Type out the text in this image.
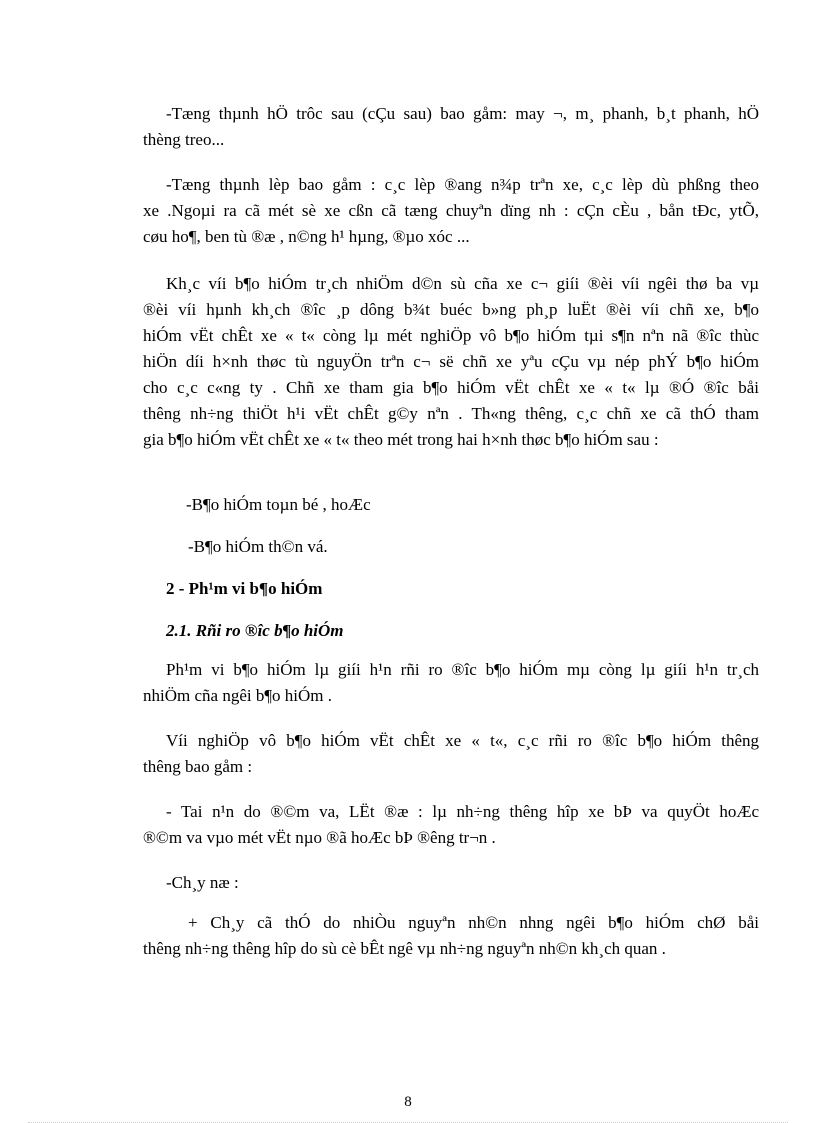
-Tæng thµnh hÖ trôc sau (cÇu sau) bao gåm: may ¬, m¸ phanh, b¸t phanh, hÖ
thèng treo...

-Tæng thµnh lèp bao gåm : c¸c lèp ®ang n¾p trªn xe, c¸c lèp dù phßng theo
xe .Ngoµi ra cã mét sè xe cßn cã tæng chuyªn dïng nh : cÇn cÈu , bån tÐc, ytÕ,
cøu ho¶, ben tù ®æ , n©ng h¹ hµng, ®µo xóc ...

Kh¸c víi b¶o hiÓm tr¸ch nhiÖm d©n sù cña xe c¬ giíi ®èi víi ngêi thø ba vµ
®èi víi hµnh kh¸ch ®îc ¸p dông b¾t buéc b»ng ph¸p luËt ®èi víi chñ xe, b¶o
hiÓm vËt chÊt xe « t« còng lµ mét nghiÖp vô b¶o hiÓm tµi s¶n nªn nã ®îc thùc
hiÖn díi h×nh thøc tù nguyÖn trªn c¬ së chñ xe yªu cÇu vµ nép phÝ b¶o hiÓm
cho c¸c c«ng ty . Chñ xe tham gia b¶o hiÓm vËt chÊt xe « t« lµ ®Ó ®îc båi
thêng nh÷ng thiÖt h¹i vËt chÊt g©y nªn . Th«ng thêng, c¸c chñ xe cã thÓ tham
gia b¶o hiÓm vËt chÊt xe « t« theo mét trong hai h×nh thøc b¶o hiÓm sau :

-B¶o hiÓm toµn bé , hoÆc

-B¶o hiÓm th©n vá.

2 - Ph¹m vi b¶o hiÓm

2.1. Rñi ro ®îc b¶o hiÓm

Ph¹m vi b¶o hiÓm lµ giíi h¹n rñi ro ®îc b¶o hiÓm mµ còng lµ giíi h¹n tr¸ch
nhiÖm cña ngêi b¶o hiÓm .

Víi nghiÖp vô b¶o hiÓm vËt chÊt xe « t«, c¸c rñi ro ®îc b¶o hiÓm thêng
thêng bao gåm :

- Tai n¹n do ®©m va, LËt ®æ : lµ nh÷ng thêng hîp xe bÞ va quyÖt hoÆc
®©m va vµo mét vËt nµo ®ã hoÆc bÞ ®êng tr¬n .

-Ch¸y næ :

+ Ch¸y cã thÓ do nhiÒu nguyªn nh©n nhng ngêi b¶o hiÓm chØ båi
thêng nh÷ng thêng hîp do sù cè bÊt ngê vµ nh÷ng nguyªn nh©n kh¸ch quan .

8
